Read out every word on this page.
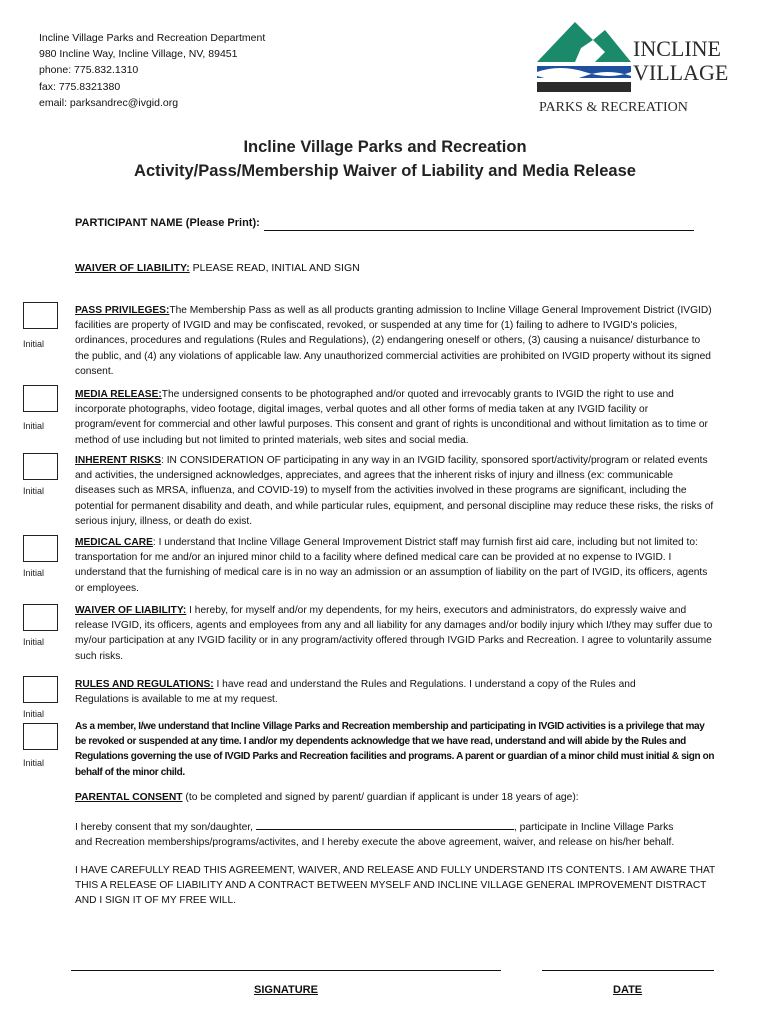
Incline Village Parks and Recreation Department
980 Incline Way, Incline Village, NV, 89451
phone: 775.832.1310
fax: 775.8321380
email: parksandrec@ivgid.org
INCLINE
VILLAGE
PARKS & RECREATION
Incline Village Parks and Recreation
Activity/Pass/Membership Waiver of Liability and Media Release
PARTICIPANT NAME (Please Print):
WAIVER OF LIABILITY: PLEASE READ, INITIAL AND SIGN
Initial
Initial
Initial
Initial
Initial
Initial
Initial
PASS PRIVILEGES:The Membership Pass as well as all products granting admission to Incline Village General Improvement District (IVGID) facilities are property of IVGID and may be confiscated, revoked, or suspended at any time for (1) failing to adhere to IVGID's policies, ordinances, procedures and regulations (Rules and Regulations), (2) endangering oneself or others, (3) causing a nuisance/ disturbance to the public, and (4) any violations of applicable law. Any unauthorized commercial activities are prohibited on IVGID property without its signed consent.
MEDIA RELEASE:The undersigned consents to be photographed and/or quoted and irrevocably grants to IVGID the right to use and incorporate photographs, video footage, digital images, verbal quotes and all other forms of media taken at any IVGID facility or program/event for commercial and other lawful purposes. This consent and grant of rights is unconditional and without limitation as to time or method of use including but not limited to printed materials, web sites and social media.
INHERENT RISKS: IN CONSIDERATION OF participating in any way in an IVGID facility, sponsored sport/activity/program or related events and activities, the undersigned acknowledges, appreciates, and agrees that the inherent risks of injury and illness (ex: communicable diseases such as MRSA, influenza, and COVID-19) to myself from the activities involved in these programs are significant, including the potential for permanent disability and death, and while particular rules, equipment, and personal discipline may reduce these risks, the risks of serious injury, illness, or death do exist.
MEDICAL CARE: I understand that Incline Village General Improvement District staff may furnish first aid care, including but not limited to: transportation for me and/or an injured minor child to a facility where defined medical care can be provided at no expense to IVGID. I understand that the furnishing of medical care is in no way an admission or an assumption of liability on the part of IVGID, its officers, agents or employees.
WAIVER OF LIABILITY: I hereby, for myself and/or my dependents, for my heirs, executors and administrators, do expressly waive and release IVGID, its officers, agents and employees from any and all liability for any damages and/or bodily injury which I/they may suffer due to my/our participation at any IVGID facility or in any program/activity offered through IVGID Parks and Recreation. I agree to voluntarily assume such risks.
RULES AND REGULATIONS: I have read and understand the Rules and Regulations. I understand a copy of the Rules and Regulations is available to me at my request.
As a member, I/we understand that Incline Village Parks and Recreation membership and participating in IVGID activities is a privilege that may be revoked or suspended at any time. I and/or my dependents acknowledge that we have read, understand and will abide by the Rules and Regulations governing the use of IVGID Parks and Recreation facilities and programs. A parent or guardian of a minor child must initial & sign on behalf of the minor child.
PARENTAL CONSENT (to be completed and signed by parent/ guardian if applicant is under 18 years of age):
I hereby consent that my son/daughter,	, participate in Incline Village Parks
and Recreation memberships/programs/activites, and I hereby execute the above agreement, waiver, and release on his/her behalf.
I HAVE CAREFULLY READ THIS AGREEMENT, WAIVER, AND RELEASE AND FULLY UNDERSTAND ITS CONTENTS. I AM AWARE THAT THIS A RELEASE OF LIABILITY AND A CONTRACT BETWEEN MYSELF AND INCLINE VILLAGE GENERAL IMPROVEMENT DISTRACT AND I SIGN IT OF MY FREE WILL.
SIGNATURE	DATE
